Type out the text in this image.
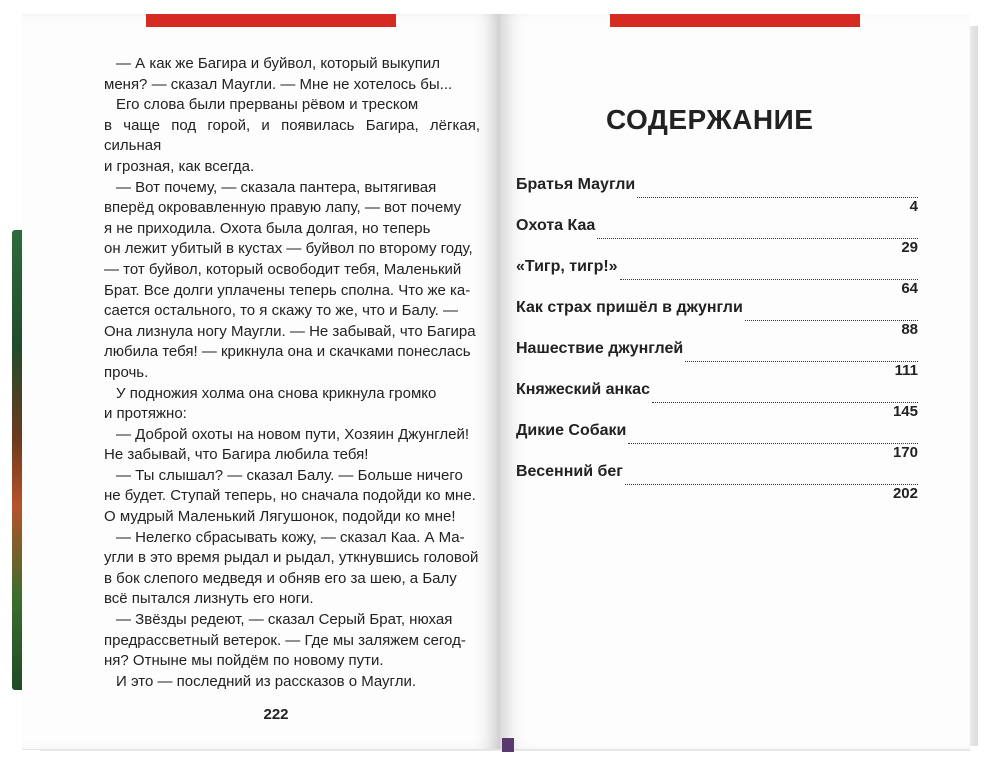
— А как же Багира и буйвол, который выкупил

меня? — сказал Маугли. — Мне не хотелось бы...

Его слова были прерваны рёвом и треском

в чаще под горой, и появилась Багира, лёгкая, сильная

и грозная, как всегда.

— Вот почему, — сказала пантера, вытягивая

вперёд окровавленную правую лапу, — вот почему

я не приходила. Охота была долгая, но теперь

он лежит убитый в кустах — буйвол по второму году,

— тот буйвол, который освободит тебя, Маленький

Брат. Все долги уплачены теперь сполна. Что же ка-

сается остального, то я скажу то же, что и Балу. —

Она лизнула ногу Маугли. — Не забывай, что Багира

любила тебя! — крикнула она и скачками понеслась

прочь.

У подножия холма она снова крикнула громко

и протяжно:

— Доброй охоты на новом пути, Хозяин Джунглей!

Не забывай, что Багира любила тебя!

— Ты слышал? — сказал Балу. — Больше ничего

не будет. Ступай теперь, но сначала подойди ко мне.

О мудрый Маленький Лягушонок, подойди ко мне!

— Нелегко сбрасывать кожу, — сказал Каа. А Ма-

угли в это время рыдал и рыдал, уткнувшись головой

в бок слепого медведя и обняв его за шею, а Балу

всё пытался лизнуть его ноги.

— Звёзды редеют, — сказал Серый Брат, нюхая

предрассветный ветерок. — Где мы заляжем сегод-

ня? Отныне мы пойдём по новому пути.

И это — последний из рассказов о Маугли.

222
СОДЕРЖАНИЕ
Братья Маугли
4
Охота Каа
29
«Тигр, тигр!»
64
Как страх пришёл в джунгли
88
Нашествие джунглей
111
Княжеский анкас
145
Дикие Собаки
170
Весенний бег
202
